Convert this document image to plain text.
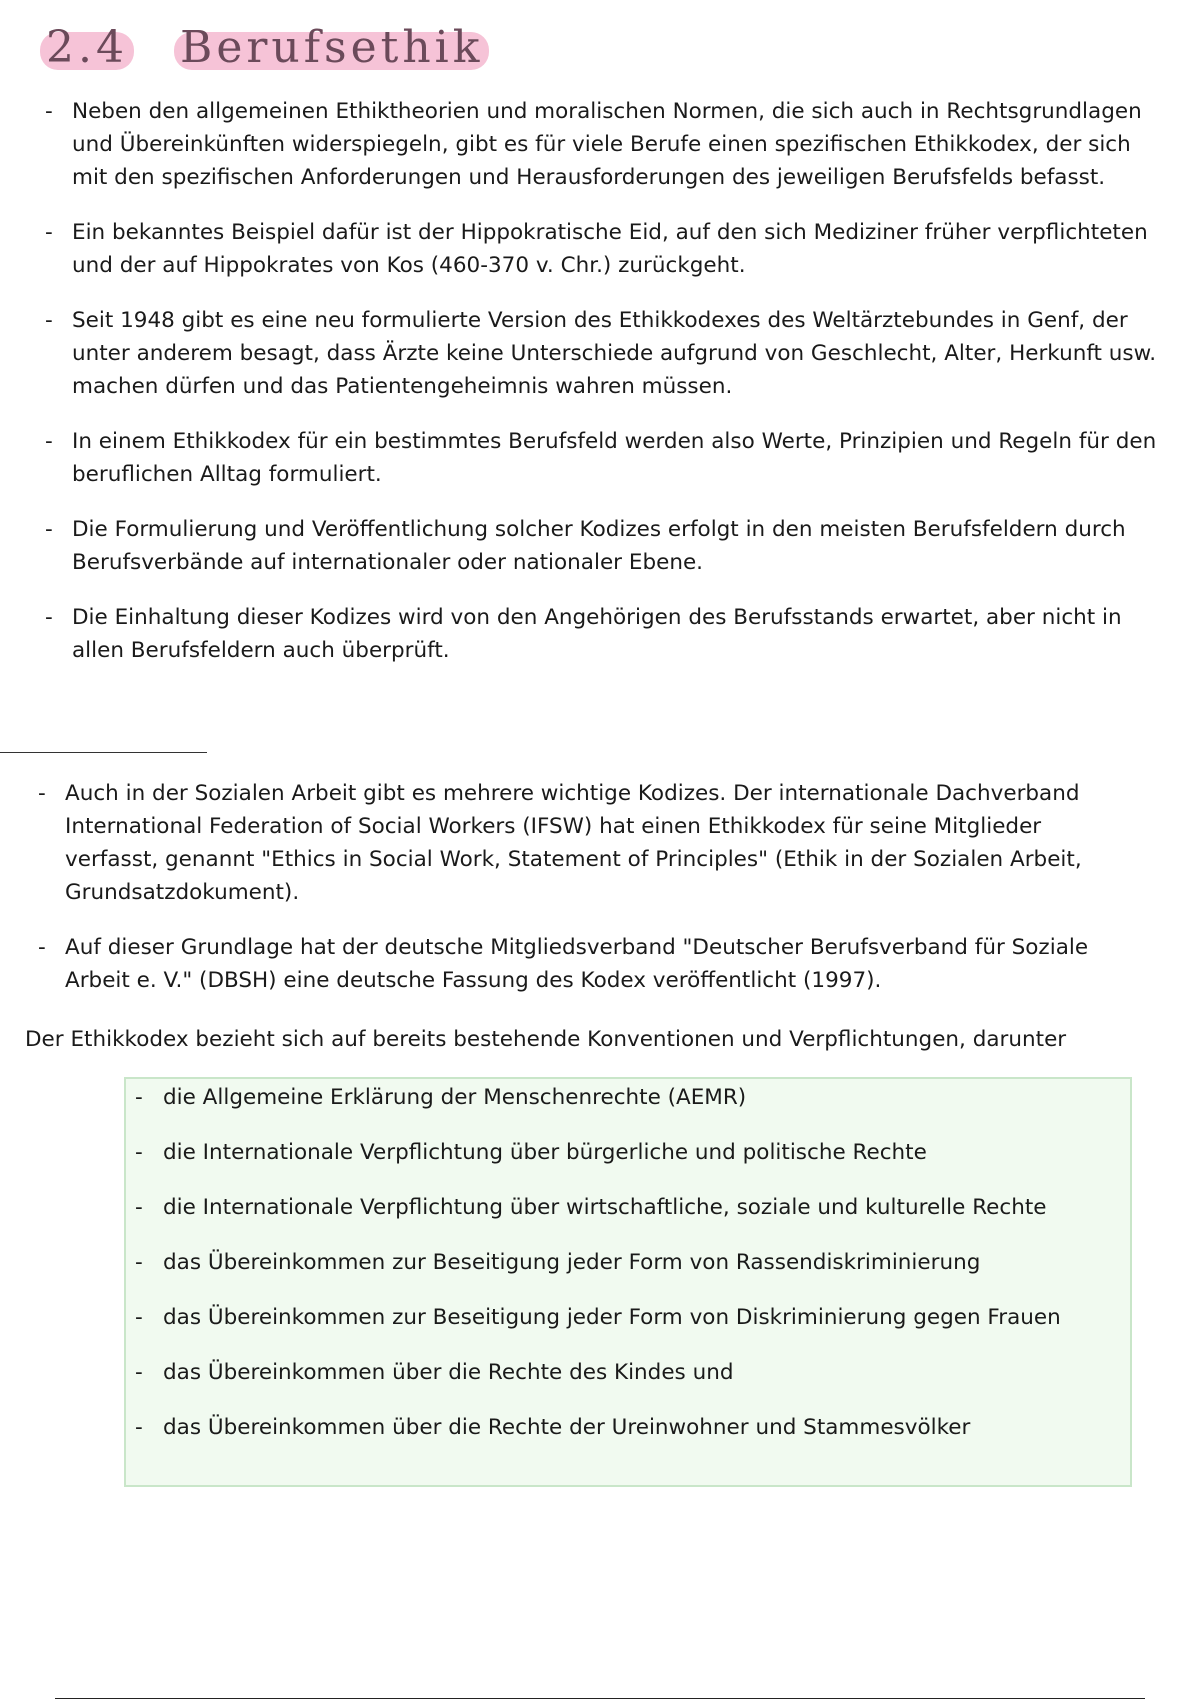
2.4 Berufsethik
- Neben den allgemeinen Ethiktheorien und moralischen Normen, die sich auch in Rechtsgrundlagen und Übereinkünften widerspiegeln, gibt es für viele Berufe einen spezifischen Ethikkodex, der sich mit den spezifischen Anforderungen und Herausforderungen des jeweiligen Berufsfelds befasst.
- Ein bekanntes Beispiel dafür ist der Hippokratische Eid, auf den sich Mediziner früher verpflichteten und der auf Hippokrates von Kos (460-370 v. Chr.) zurückgeht.
- Seit 1948 gibt es eine neu formulierte Version des Ethikkodexes des Weltärztebundes in Genf, der unter anderem besagt, dass Ärzte keine Unterschiede aufgrund von Geschlecht, Alter, Herkunft usw. machen dürfen und das Patientengeheimnis wahren müssen.
- In einem Ethikkodex für ein bestimmtes Berufsfeld werden also Werte, Prinzipien und Regeln für den beruflichen Alltag formuliert.
- Die Formulierung und Veröffentlichung solcher Kodizes erfolgt in den meisten Berufsfeldern durch Berufsverbände auf internationaler oder nationaler Ebene.
- Die Einhaltung dieser Kodizes wird von den Angehörigen des Berufsstands erwartet, aber nicht in allen Berufsfeldern auch überprüft.
- Auch in der Sozialen Arbeit gibt es mehrere wichtige Kodizes. Der internationale Dachverband International Federation of Social Workers (IFSW) hat einen Ethikkodex für seine Mitglieder verfasst, genannt "Ethics in Social Work, Statement of Principles" (Ethik in der Sozialen Arbeit, Grundsatzdokument).
- Auf dieser Grundlage hat der deutsche Mitgliedsverband "Deutscher Berufsverband für Soziale Arbeit e. V." (DBSH) eine deutsche Fassung des Kodex veröffentlicht (1997).

Der Ethikkodex bezieht sich auf bereits bestehende Konventionen und Verpflichtungen, darunter

- die Allgemeine Erklärung der Menschenrechte (AEMR)
- die Internationale Verpflichtung über bürgerliche und politische Rechte
- die Internationale Verpflichtung über wirtschaftliche, soziale und kulturelle Rechte
- das Übereinkommen zur Beseitigung jeder Form von Rassendiskriminierung
- das Übereinkommen zur Beseitigung jeder Form von Diskriminierung gegen Frauen
- das Übereinkommen über die Rechte des Kindes und
- das Übereinkommen über die Rechte der Ureinwohner und Stammesvölker
